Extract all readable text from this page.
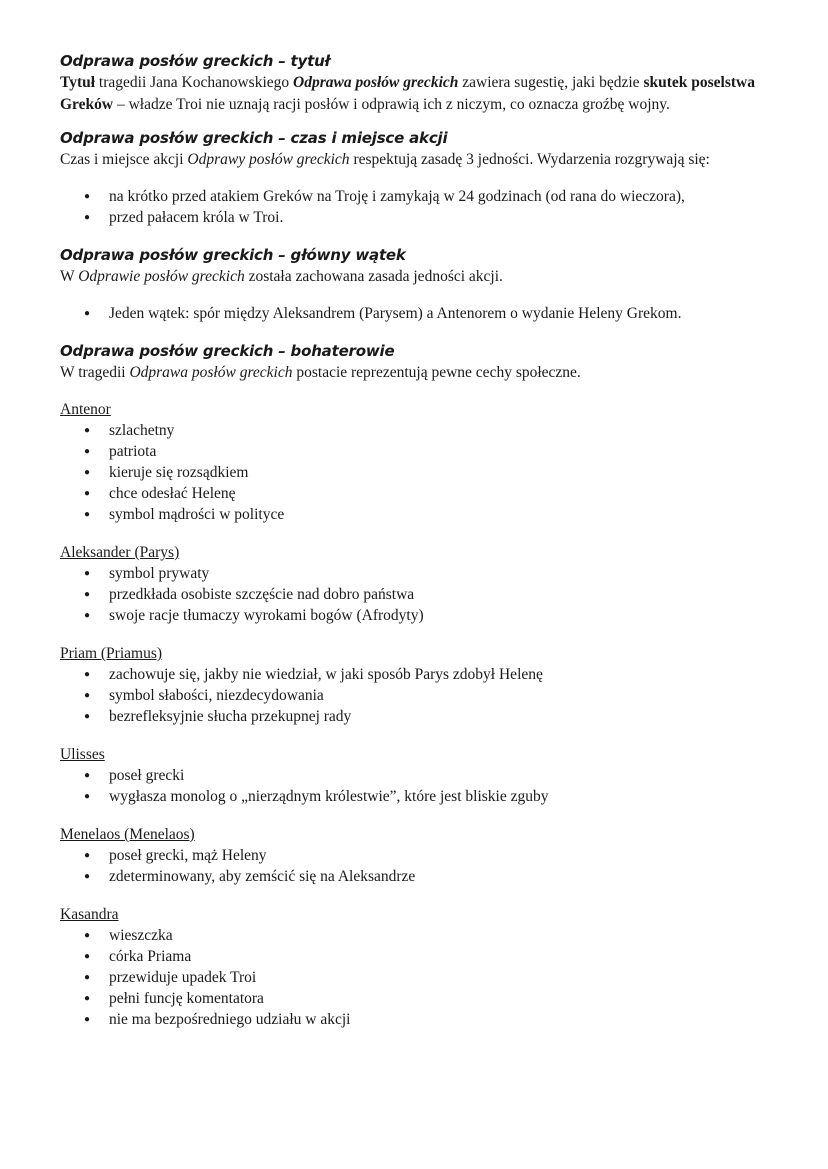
Odprawa posłów greckich – tytuł

Tytuł tragedii Jana Kochanowskiego Odprawa posłów greckich zawiera sugestię, jaki będzie skutek poselstwa Greków – władze Troi nie uznają racji posłów i odprawią ich z niczym, co oznacza groźbę wojny.

Odprawa posłów greckich – czas i miejsce akcji

Czas i miejsce akcji Odprawy posłów greckich respektują zasadę 3 jedności. Wydarzenia rozgrywają się:

● na krótko przed atakiem Greków na Troję i zamykają w 24 godzinach (od rana do wieczora),
● przed pałacem króla w Troi.
Odprawa posłów greckich – główny wątek

W Odprawie posłów greckich została zachowana zasada jedności akcji.

● Jeden wątek: spór między Aleksandrem (Parysem) a Antenorem o wydanie Heleny Grekom.
Odprawa posłów greckich – bohaterowie

W tragedii Odprawa posłów greckich postacie reprezentują pewne cechy społeczne.

Antenor

● szlachetny
● patriota
● kieruje się rozsądkiem
● chce odesłać Helenę
● symbol mądrości w polityce

Aleksander (Parys)

● symbol prywaty
● przedkłada osobiste szczęście nad dobro państwa
● swoje racje tłumaczy wyrokami bogów (Afrodyty)

Priam (Priamus)

● zachowuje się, jakby nie wiedział, w jaki sposób Parys zdobył Helenę
● symbol słabości, niezdecydowania
● bezrefleksyjnie słucha przekupnej rady

Ulisses

● poseł grecki
● wygłasza monolog o „nierządnym królestwie”, które jest bliskie zguby

Menelaos (Menelaos)

● poseł grecki, mąż Heleny
● zdeterminowany, aby zemścić się na Aleksandrze

Kasandra

● wieszczka
● córka Priama
● przewiduje upadek Troi
● pełni funcję komentatora
● nie ma bezpośredniego udziału w akcji
